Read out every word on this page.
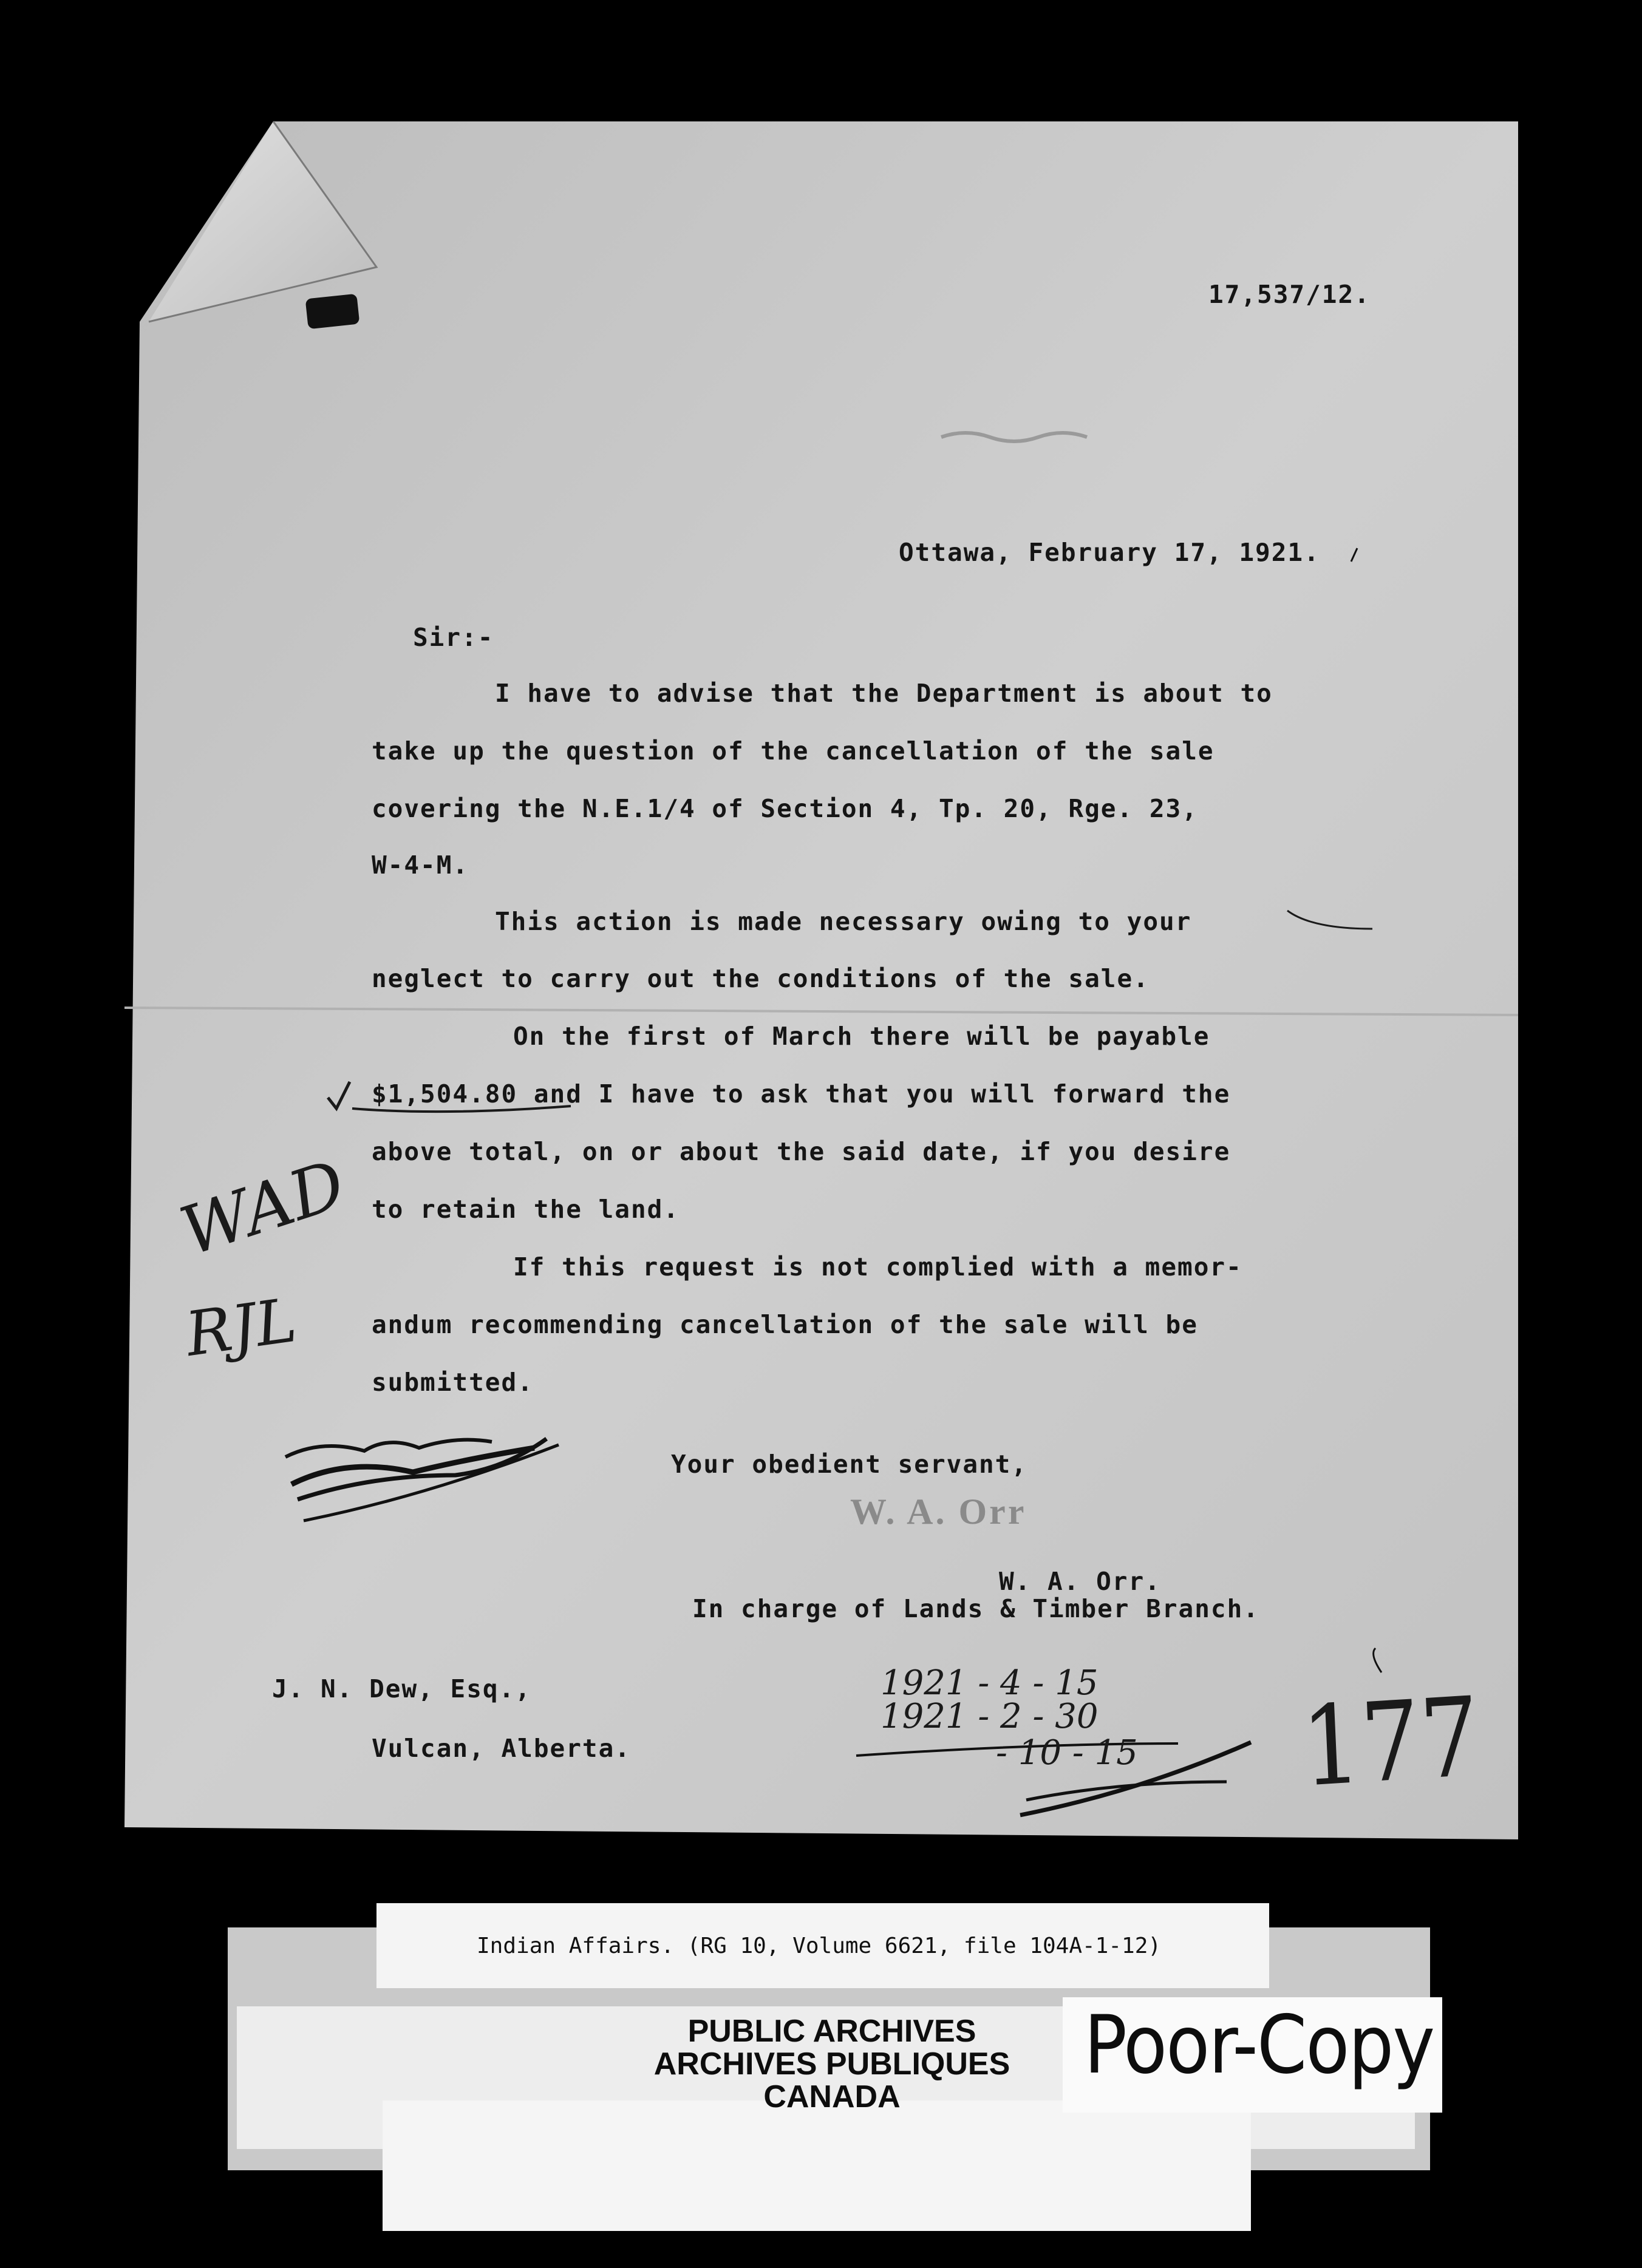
17,537/12.
Ottawa, February 17, 1921.
Sir:-
I have to advise that the Department is about to
take up the question of the cancellation of the sale
covering the N.E.1/4 of Section 4, Tp. 20, Rge. 23,
W-4-M.
This action is made necessary owing to your
neglect to carry out the conditions of the sale.
On the first of March there will be payable
$1,504.80 and I have to ask that you will forward the
above total, on or about the said date, if you desire
to retain the land.
If this request is not complied with a memor-
andum recommending cancellation of the sale will be
submitted.
Your obedient servant,
W. A. Orr
W. A. Orr.
In charge of Lands & Timber Branch.
J. N. Dew, Esq.,
Vulcan, Alberta.
WAD
RJL
177
1921 - 4 - 15
1921 - 2 - 30
- 10 - 15
Indian Affairs. (RG 10, Volume 6621, file 104A-1-12)
PUBLIC ARCHIVES
ARCHIVES PUBLIQUES
CANADA
Poor-Copy
